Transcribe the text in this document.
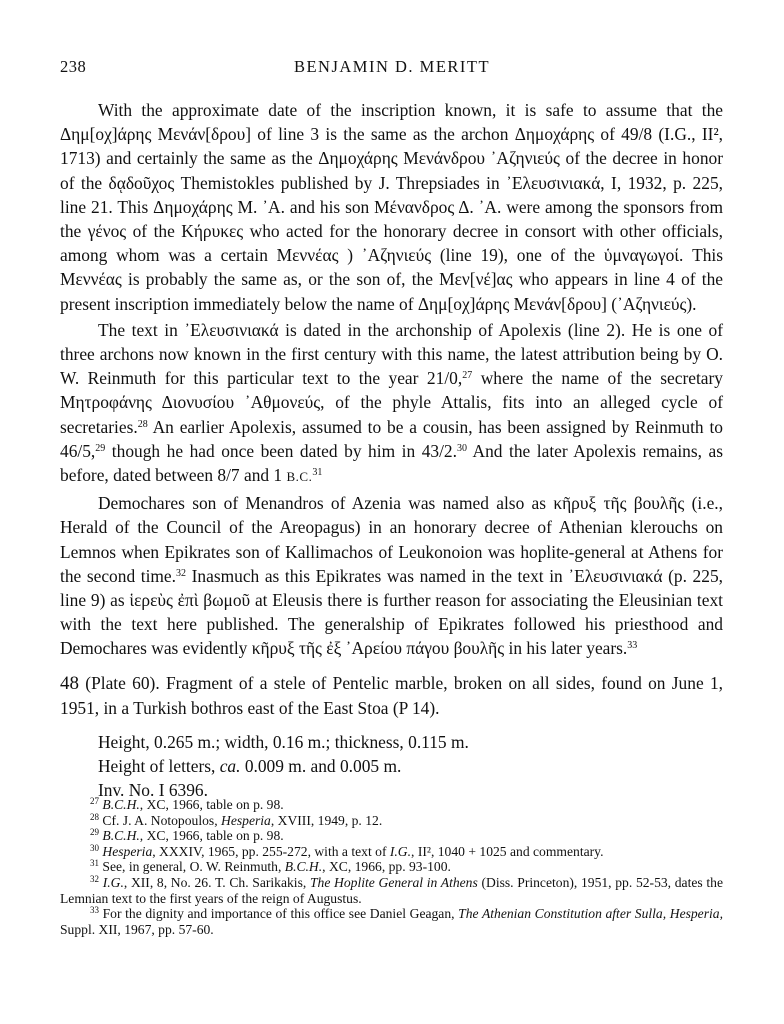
238	BENJAMIN D. MERITT

With the approximate date of the inscription known, it is safe to assume that the Δημ[οχ]άρης Μενάν[δρου] of line 3 is the same as the archon Δημοχάρης of 49/8 (I.G., II², 1713) and certainly the same as the Δημοχάρης Μενάνδρου ᾿Αζηνιεύς of the decree in honor of the δᾳδοῦχος Themistokles published by J. Threpsiades in ᾿Ελευσινιακά, I, 1932, p. 225, line 21. This Δημοχάρης Μ. ᾿Α. and his son Μένανδρος Δ. ᾿Α. were among the sponsors from the γένος of the Κήρυκες who acted for the honorary decree in consort with other officials, among whom was a certain Μεννέας ) ᾿Αζηνιεύς (line 19), one of the ὑμναγωγοί. This Μεννέας is probably the same as, or the son of, the Μεν[νέ]ας who appears in line 4 of the present inscription immediately below the name of Δημ[οχ]άρης Μενάν[δρου] (᾿Αζηνιεύς).

The text in ᾿Ελευσινιακά is dated in the archonship of Apolexis (line 2). He is one of three archons now known in the first century with this name, the latest attribution being by O. W. Reinmuth for this particular text to the year 21/0,27 where the name of the secretary Μητροφάνης Διονυσίου ᾿Αθμονεύς, of the phyle Attalis, fits into an alleged cycle of secretaries.$^{28}$ An earlier Apolexis, assumed to be a cousin, has been assigned by Reinmuth to 46/5,29 though he had once been dated by him in 43/2.30 And the later Apolexis remains, as before, dated between 8/7 and 1 B.C.$^{31}$

Demochares son of Menandros of Azenia was named also as κῆρυξ τῆς βουλῆς (i.e., Herald of the Council of the Areopagus) in an honorary decree of Athenian klerouchs on Lemnos when Epikrates son of Kallimachos of Leukonoion was hoplite-general at Athens for the second time.$^{32}$ Inasmuch as this Epikrates was named in the text in ᾿Ελευσινιακά (p. 225, line 9) as ἱερεὺς ἐπὶ βωμοῦ at Eleusis there is further reason for associating the Eleusinian text with the text here published. The generalship of Epikrates followed his priesthood and Demochares was evidently κῆρυξ τῆς ἐξ ᾿Αρείου πάγου βουλῆς in his later years.$^{33}$

48 (Plate 60). Fragment of a stele of Pentelic marble, broken on all sides, found on June 1, 1951, in a Turkish bothros east of the East Stoa (P 14).

Height, 0.265 m.; width, 0.16 m.; thickness, 0.115 m.
Height of letters, ca. 0.009 m. and 0.005 m.
Inv. No. I 6396.
$^{27}$ B.C.H., XC, 1966, table on p. 98.
$^{28}$ Cf. J. A. Notopoulos, Hesperia, XVIII, 1949, p. 12.
$^{29}$ B.C.H., XC, 1966, table on p. 98.
$^{30}$ Hesperia, XXXIV, 1965, pp. 255-272, with a text of I.G., II², 1040 + 1025 and commentary.
$^{31}$ See, in general, O. W. Reinmuth, B.C.H., XC, 1966, pp. 93-100.
$^{32}$ I.G., XII, 8, No. 26. T. Ch. Sarikakis, The Hoplite General in Athens (Diss. Princeton), 1951, pp. 52-53, dates the Lemnian text to the first years of the reign of Augustus.
$^{33}$ For the dignity and importance of this office see Daniel Geagan, The Athenian Constitution after Sulla, Hesperia, Suppl. XII, 1967, pp. 57-60.
